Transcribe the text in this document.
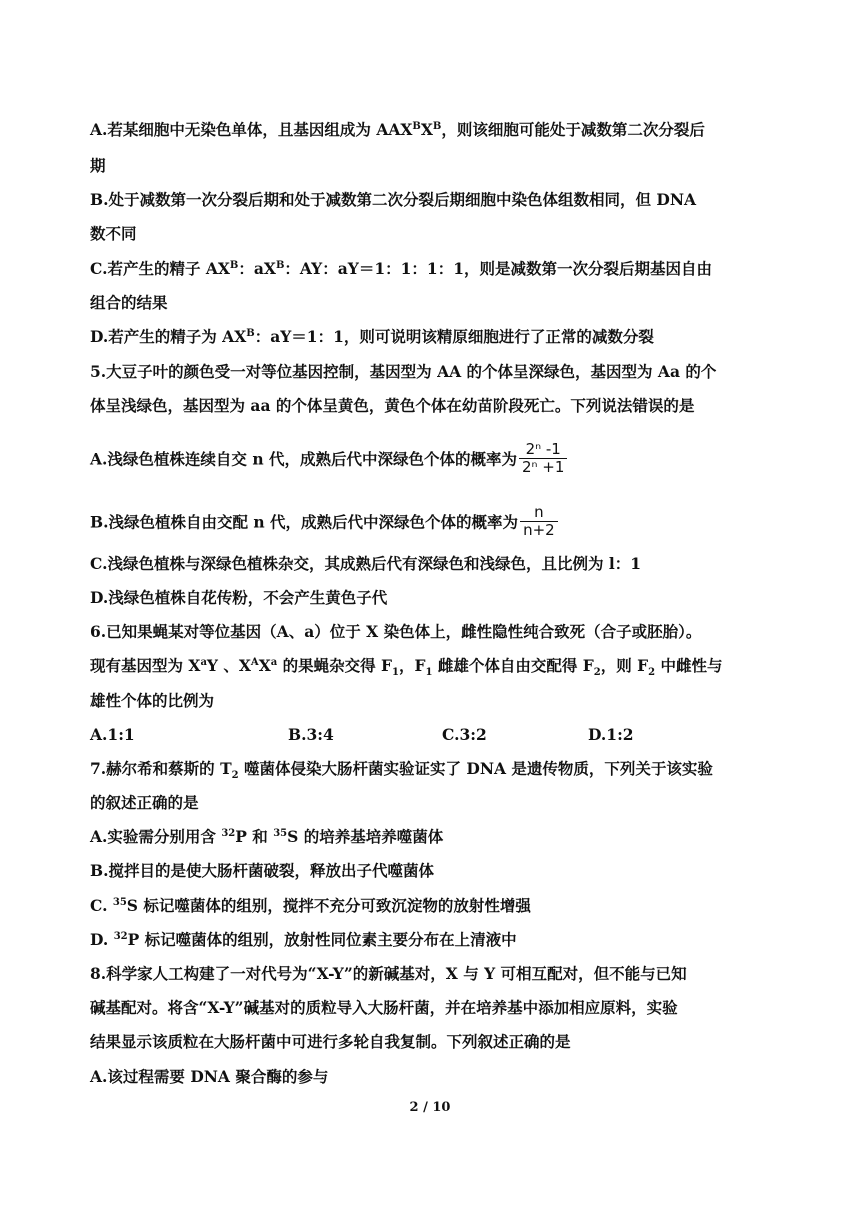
A.若某细胞中无染色单体，且基因组成为 $AAX^BX^B$，则该细胞可能处于减数第二次分裂后
期
B.处于减数第一次分裂后期和处于减数第二次分裂后期细胞中染色体组数相同，但 DNA
数不同
C.若产生的精子 $AX^B$：$aX^B$：AY：aY＝1：1：1：1，则是减数第一次分裂后期基因自由
组合的结果
D.若产生的精子为 $AX^B$：aY＝1：1，则可说明该精原细胞进行了正常的减数分裂
5.大豆子叶的颜色受一对等位基因控制，基因型为 AA 的个体呈深绿色，基因型为 Aa 的个
体呈浅绿色，基因型为 aa 的个体呈黄色，黄色个体在幼苗阶段死亡。下列说法错误的是
A.浅绿色植株连续自交 n 代，成熟后代中深绿色个体的概率为 $\frac{\text{2ⁿ -1}}{\text{2ⁿ +1}}$
B.浅绿色植株自由交配 n 代，成熟后代中深绿色个体的概率为 $\frac{n}{n+2}$
C.浅绿色植株与深绿色植株杂交，其成熟后代有深绿色和浅绿色，且比例为 l：1
D.浅绿色植株自花传粉，不会产生黄色子代
6.已知果蝇某对等位基因（A、a）位于 X 染色体上，雌性隐性纯合致死（合子或胚胎）。
现有基因型为 $X^aY$ 、$X^AX^a$ 的果蝇杂交得 $F_1$，$F_1$ 雌雄个体自由交配得 $F_2$，则 $F_2$ 中雌性与
雄性个体的比例为
A.1:1	B.3:4	C.3:2	D.1:2
7.赫尔希和蔡斯的 $T_2$ 噬菌体侵染大肠杆菌实验证实了 DNA 是遗传物质，下列关于该实验
的叙述正确的是
A.实验需分别用含 $^{32}$P 和 $^{35}$S 的培养基培养噬菌体
B.搅拌目的是使大肠杆菌破裂，释放出子代噬菌体
C. $^{35}$S 标记噬菌体的组别，搅拌不充分可致沉淀物的放射性增强
D. $^{32}$P 标记噬菌体的组别，放射性同位素主要分布在上清液中
8.科学家人工构建了一对代号为“X-Y”的新碱基对，X 与 Y 可相互配对，但不能与已知
碱基配对。将含“X-Y”碱基对的质粒导入大肠杆菌，并在培养基中添加相应原料，实验
结果显示该质粒在大肠杆菌中可进行多轮自我复制。下列叙述正确的是
A.该过程需要 DNA 聚合酶的参与
2 / 10
